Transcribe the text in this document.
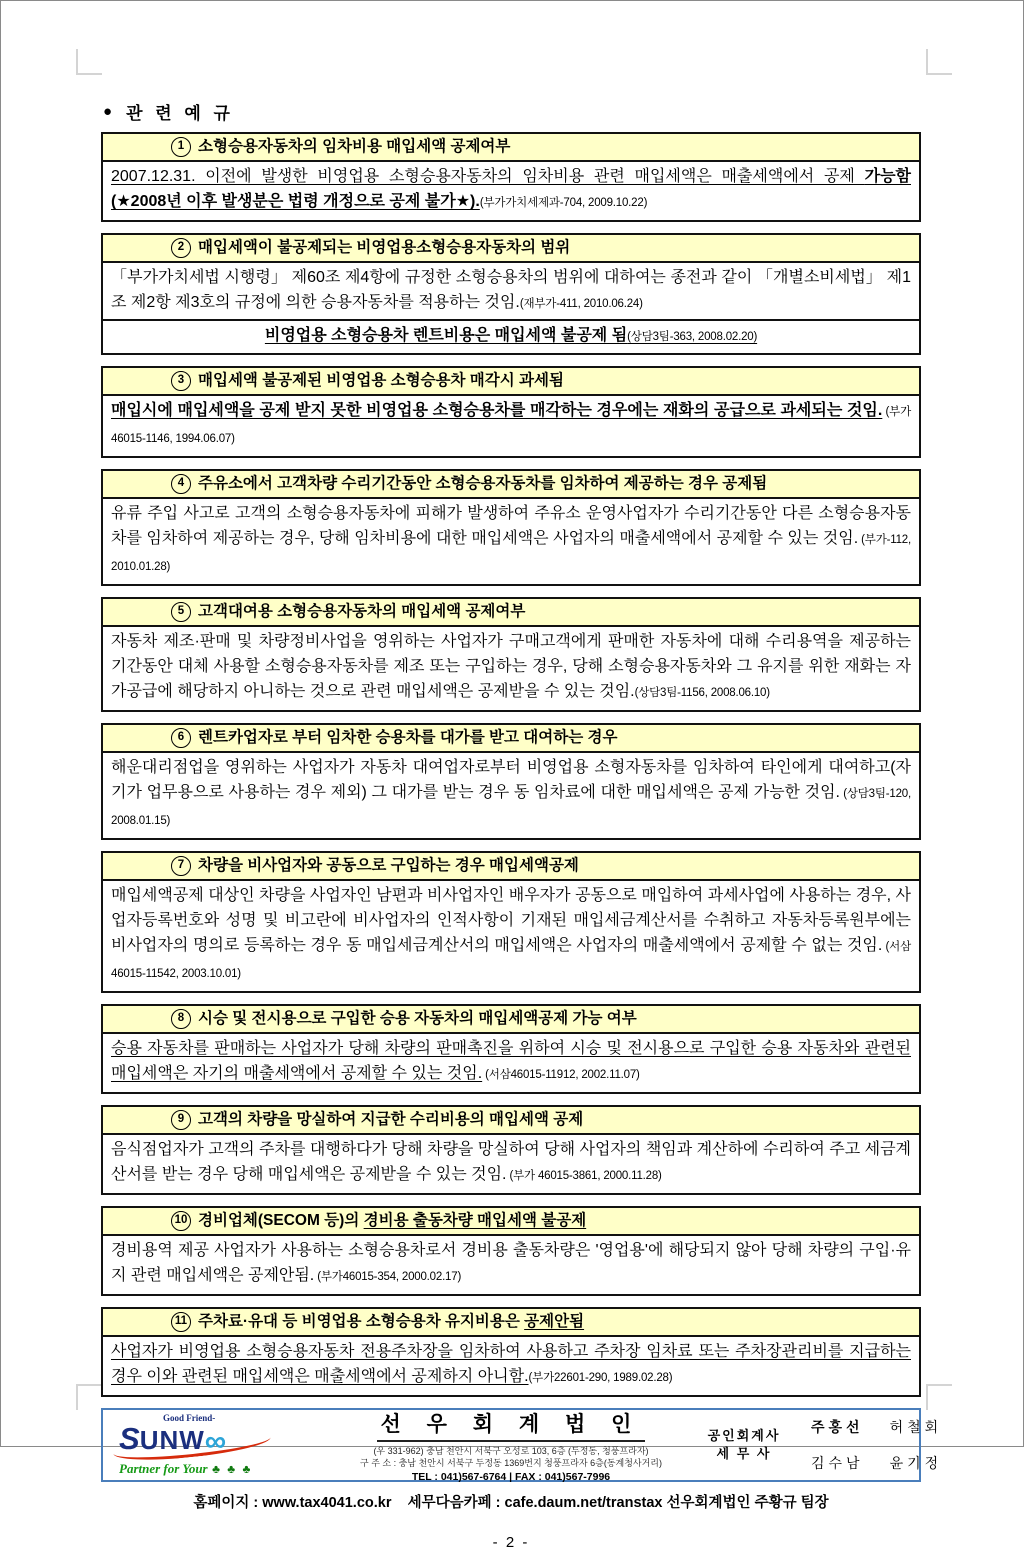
● 관 련 예 규
1 소형승용자동차의 임차비용 매입세액 공제여부
2007.12.31. 이전에 발생한 비영업용 소형승용자동차의 임차비용 관련 매입세액은 매출세액에서 공제 가능함(★2008년 이후 발생분은 법령 개정으로 공제 불가★).(부가가치세제과-704, 2009.10.22)
2 매입세액이 불공제되는 비영업용소형승용자동차의 범위
「부가가치세법 시행령」 제60조 제4항에 규정한 소형승용차의 범위에 대하여는 종전과 같이 「개별소비세법」 제1조 제2항 제3호의 규정에 의한 승용자동차를 적용하는 것임.(재부가-411, 2010.06.24)
비영업용 소형승용차 렌트비용은 매입세액 불공제 됨(상담3팀-363, 2008.02.20)
3 매입세액 불공제된 비영업용 소형승용차 매각시 과세됨
매입시에 매입세액을 공제 받지 못한 비영업용 소형승용차를 매각하는 경우에는 재화의 공급으로 과세되는 것임. (부가46015-1146, 1994.06.07)
4 주유소에서 고객차량 수리기간동안 소형승용자동차를 임차하여 제공하는 경우 공제됨
유류 주입 사고로 고객의 소형승용자동차에 피해가 발생하여 주유소 운영사업자가 수리기간동안 다른 소형승용자동차를 임차하여 제공하는 경우, 당해 임차비용에 대한 매입세액은 사업자의 매출세액에서 공제할 수 있는 것임. (부가-112, 2010.01.28)
5 고객대여용 소형승용자동차의 매입세액 공제여부
자동차 제조·판매 및 차량정비사업을 영위하는 사업자가 구매고객에게 판매한 자동차에 대해 수리용역을 제공하는 기간동안 대체 사용할 소형승용자동차를 제조 또는 구입하는 경우, 당해 소형승용자동차와 그 유지를 위한 재화는 자가공급에 해당하지 아니하는 것으로 관련 매입세액은 공제받을 수 있는 것임.(상담3팀-1156, 2008.06.10)
6 렌트카업자로 부터 임차한 승용차를 대가를 받고 대여하는 경우
해운대리점업을 영위하는 사업자가 자동차 대여업자로부터 비영업용 소형자동차를 임차하여 타인에게 대여하고(자기가 업무용으로 사용하는 경우 제외) 그 대가를 받는 경우 동 임차료에 대한 매입세액은 공제 가능한 것임. (상담3팀-120, 2008.01.15)
7 차량을 비사업자와 공동으로 구입하는 경우 매입세액공제
매입세액공제 대상인 차량을 사업자인 남편과 비사업자인 배우자가 공동으로 매입하여 과세사업에 사용하는 경우, 사업자등록번호와 성명 및 비고란에 비사업자의 인적사항이 기재된 매입세금계산서를 수취하고 자동차등록원부에는 비사업자의 명의로 등록하는 경우 동 매입세금계산서의 매입세액은 사업자의 매출세액에서 공제할 수 없는 것임. (서삼46015-11542, 2003.10.01)
8 시승 및 전시용으로 구입한 승용 자동차의 매입세액공제 가능 여부
승용 자동차를 판매하는 사업자가 당해 차량의 판매촉진을 위하여 시승 및 전시용으로 구입한 승용 자동차와 관련된 매입세액은 자기의 매출세액에서 공제할 수 있는 것임. (서삼46015-11912, 2002.11.07)
9 고객의 차량을 망실하여 지급한 수리비용의 매입세액 공제
음식점업자가 고객의 주차를 대행하다가 당해 차량을 망실하여 당해 사업자의 책임과 계산하에 수리하여 주고 세금계산서를 받는 경우 당해 매입세액은 공제받을 수 있는 것임. (부가 46015-3861, 2000.11.28)
10 경비업체(SECOM 등)의 경비용 출동차량 매입세액 불공제
경비용역 제공 사업자가 사용하는 소형승용차로서 경비용 출동차량은 '영업용'에 해당되지 않아 당해 차량의 구입·유지 관련 매입세액은 공제안됨. (부가46015-354, 2000.02.17)
11 주차료·유대 등 비영업용 소형승용차 유지비용은 공제안됨
사업자가 비영업용 소형승용자동차 전용주차장을 임차하여 사용하고 주차장 임차료 또는 주차장관리비를 지급하는 경우 이와 관련된 매입세액은 매출세액에서 공제하지 아니함.(부가22601-290, 1989.02.28)
Good Friend-
SUNW∞
Partner for Your ♣ ♣ ♣
선 우 회 계 법 인
(우 331-962) 충남 천안시 서북구 오성로 103, 6층 (두정동, 청풍프라자)
구 주 소 : 충남 천안시 서북구 두정동 1369번지 청풍프라자 6층(동계청사거리)
TEL : 041)567-6764 | FAX : 041)567-7996
공인회계사
세 무 사
주홍선 허철회
김수남 윤기정
홈페이지 : www.tax4041.co.kr    세무다음카페 : cafe.daum.net/transtax 선우회계법인 주황규 팀장
- 2 -
